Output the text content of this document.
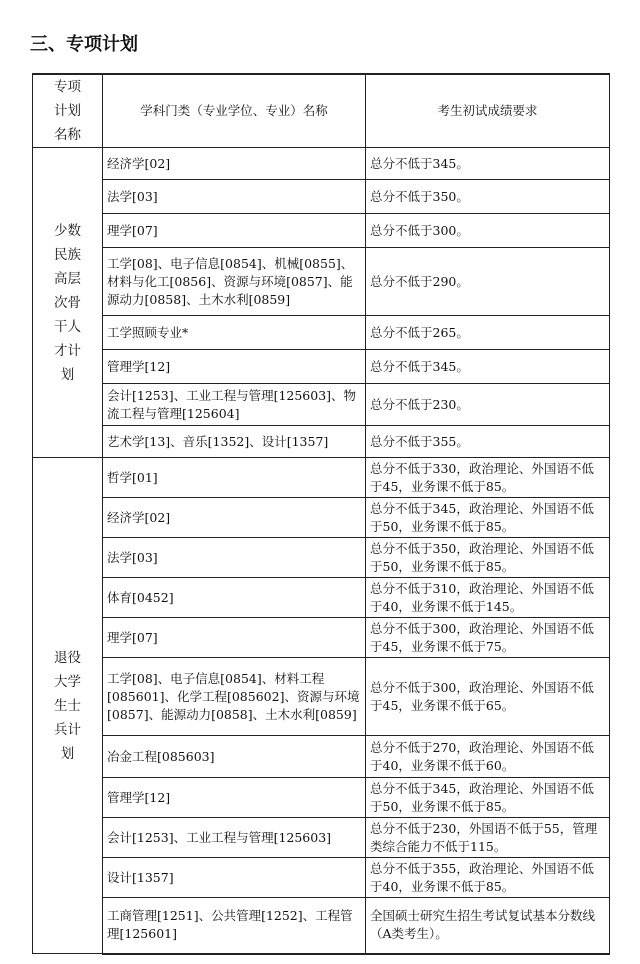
三、专项计划
专项计划名称	学科门类（专业学位、专业）名称	考生初试成绩要求

少数民族高层次骨干人才计划	经济学[02]	总分不低于345。
	法学[03]	总分不低于350。
	理学[07]	总分不低于300。
	工学[08]、电子信息[0854]、机械[0855]、材料与化工[0856]、资源与环境[0857]、能源动力[0858]、土木水利[0859]	总分不低于290。
	工学照顾专业*	总分不低于265。
	管理学[12]	总分不低于345。
	会计[1253]、工业工程与管理[125603]、物流工程与管理[125604]	总分不低于230。
	艺术学[13]、音乐[1352]、设计[1357]	总分不低于355。

退役大学生士兵计划	哲学[01]	总分不低于330，政治理论、外国语不低于45，业务课不低于85。
	经济学[02]	总分不低于345，政治理论、外国语不低于50，业务课不低于85。
	法学[03]	总分不低于350，政治理论、外国语不低于50，业务课不低于85。
	体育[0452]	总分不低于310，政治理论、外国语不低于40，业务课不低于145。
	理学[07]	总分不低于300，政治理论、外国语不低于45，业务课不低于75。
	工学[08]、电子信息[0854]、材料工程[085601]、化学工程[085602]、资源与环境[0857]、能源动力[0858]、土木水利[0859]	总分不低于300，政治理论、外国语不低于45，业务课不低于65。
	冶金工程[085603]	总分不低于270，政治理论、外国语不低于40，业务课不低于60。
	管理学[12]	总分不低于345，政治理论、外国语不低于50，业务课不低于85。
	会计[1253]、工业工程与管理[125603]	总分不低于230，外国语不低于55，管理类综合能力不低于115。
	设计[1357]	总分不低于355，政治理论、外国语不低于40，业务课不低于85。
	工商管理[1251]、公共管理[1252]、工程管理[125601]	全国硕士研究生招生考试复试基本分数线（A类考生）。
